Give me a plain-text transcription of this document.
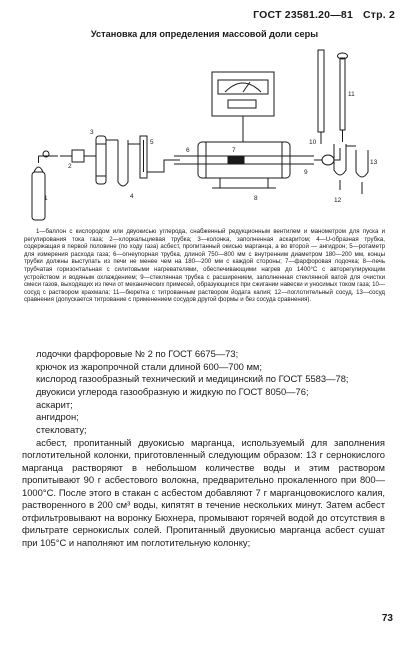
ГОСТ 23581.20—81 Стр. 2
Установка для определения массовой доли серы
1
2
3
4
5
6	7
8
9
10
11
12
13
1—баллон с кислородом или двуокисью углерода, снабженный редукционным вентилем и манометром для пуска и регулирования тока газа; 2—хлоркальциевая трубка; 3—колонка, заполненная аскаритом; 4—U-образная трубка, содержащая в первой половине (по ходу газа) асбест, пропитанный окисью марганца, а во второй — ангидрон; 5—ротаметр для измерения расхода газа; 6—огнеупорная трубка, длиной 750—800 мм с внутренним диаметром 180—200 мм, концы трубки должны выступать из печи не менее чем на 180—200 мм с каждой стороны; 7—фарфоровая лодочка; 8—печь трубчатая горизонтальная с силитовыми нагревателями, обеспечивающими нагрев до 1400°С с авторегулирующим устройством и водяным охлаждением; 9—стеклянная трубка с расширением, заполненная стеклянной ватой для очистки смеси газов, выходящих из печи от механических примесей, образующихся при сжигании навески и уносимых током газа; 10—сосуд с раствором крахмала; 11—бюретка с титрованным раствором йодата калия; 12—поглотительный сосуд, 13—сосуд сравнения (допускается титрование с применением сосудов другой формы и без сосуда сравнения).

лодочки фарфоровые № 2 по ГОСТ 6675—73;

крючок из жаропрочной стали длиной 600—700 мм;

кислород газообразный технический и медицинский по ГОСТ 5583—78;

двуокиси углерода газообразную и жидкую по ГОСТ 8050—76;

аскарит;

ангидрон;

стекловату;

асбест, пропитанный двуокисью марганца, используемый для заполнения поглотительной колонки, приготовленный следующим образом: 13 г сернокислого марганца растворяют в небольшом количестве воды и этим раствором пропитывают 90 г асбестового волокна, предварительно прокаленного при 800—1000°С. После этого в стакан с асбестом добавляют 7 г марганцовокислого калия, растворенного в 200 см³ воды, кипятят в течение нескольких минут. Затем асбест отфильтровывают на воронку Бюхнера, промывают горячей водой до отсутствия в фильтрате сернокислых солей. Пропитанный двуокисью марганца асбест сушат при 105°С и наполняют им поглотительную колонку;

73
